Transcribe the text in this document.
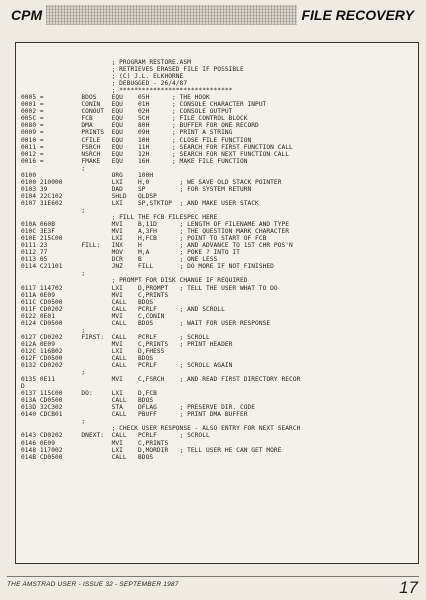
CPM	FILE RECOVERY
; PROGRAM RESTORE.ASM
; RETRIEVES ERASED FILE IF POSSIBLE
; (C) J.L. ELKHORNE
; DEBUGGED - 26/4/87
; ******************************
0005 =          BDOS    EQU    05H      ; THE HOOK
0001 =          CONIN   EQU    01H      ; CONSOLE CHARACTER INPUT
0002 =          CONOUT  EQU    02H      ; CONSOLE OUTPUT
005C =          FCB     EQU    5CH      ; FILE CONTROL BLOCK
0080 =          DMA     EQU    80H      ; BUFFER FOR ONE RECORD
0009 =          PRINTS  EQU    09H      ; PRINT A STRING
0010 =          CFILE   EQU    10H      ; CLOSE FILE FUNCTION
0011 =          FSRCH   EQU    11H      ; SEARCH FOR FIRST FUNCTION CALL
0012 =          NSRCH   EQU    12H      ; SEARCH FOR NEXT FUNCTION CALL
0016 =          FMAKE   EQU    16H      ; MAKE FILE FUNCTION
;
0100                    ORG    100H
0100 210000             LXI    H,0        ; WE SAVE OLD STACK POINTER
0103 39                 DAD    SP         ; FOR SYSTEM RETURN
0104 22C102             SHLD   OLDSP
0107 31E602             LXI    SP,STKTOP  ; AND MAKE USER STACK
;
; FILL THE FCB FILESPEC HERE
010A 060B               MVI    B,11D      ; LENGTH OF FILENAME AND TYPE
010C 3E3F               MVI    A,3FH      ; THE QUESTION MARK CHARACTER
010E 215C00             LXI    H,FCB      ; POINT TO START OF FCB
0111 23         FILL:   INX    H          ; AND ADVANCE TO 1ST CHR POS'N
0112 77                 MOV    M,A        ; POKE ? INTO IT
0113 05                 DCR    B          ; ONE LESS
0114 C21101             JNZ    FILL       ; DO MORE IF NOT FINISHED
;
; PROMPT FOR DISK CHANGE IF REQUIRED
0117 114702             LXI    D,PROMPT   ; TELL THE USER WHAT TO DO
011A 0E09               MVI    C,PRINTS
011C CD0500             CALL   BDOS
011F CD0202             CALL   PCRLF      ; AND SCROLL
0122 0E01               MVI    C,CONIN
0124 CD0500             CALL   BDOS       ; WAIT FOR USER RESPONSE
;
0127 CD0202     FIRST:  CALL   PCRLF      ; SCROLL
012A 0E09               MVI    C,PRINTS   ; PRINT HEADER
012C 116B02             LXI    D,FHESS
012F CD0500             CALL   BDOS
0132 CD0202             CALL   PCRLF      ; SCROLL AGAIN
;
0135 0E11               MVI    C,FSRCH    ; AND READ FIRST DIRECTORY RECOR
D
0137 115C00     DO:     LXI    D,FCB
013A CD0500             CALL   BDOS
013D 32C302             STA    DFLAG      ; PRESERVE DIR. CODE
0140 CDCB01             CALL   PBUFF      ; PRINT DMA BUFFER
;
; CHECK USER RESPONSE - ALSO ENTRY FOR NEXT SEARCH
0143 CD0202     DNEXT:  CALL   PCRLF      ; SCROLL
0146 0E09               MVI    C,PRINTS
0148 117002             LXI    D,MORDIR   ; TELL USER HE CAN GET MORE
014B CD0500             CALL   BDOS

THE AMSTRAD USER - ISSUE 32 - SEPTEMBER 1987	17
